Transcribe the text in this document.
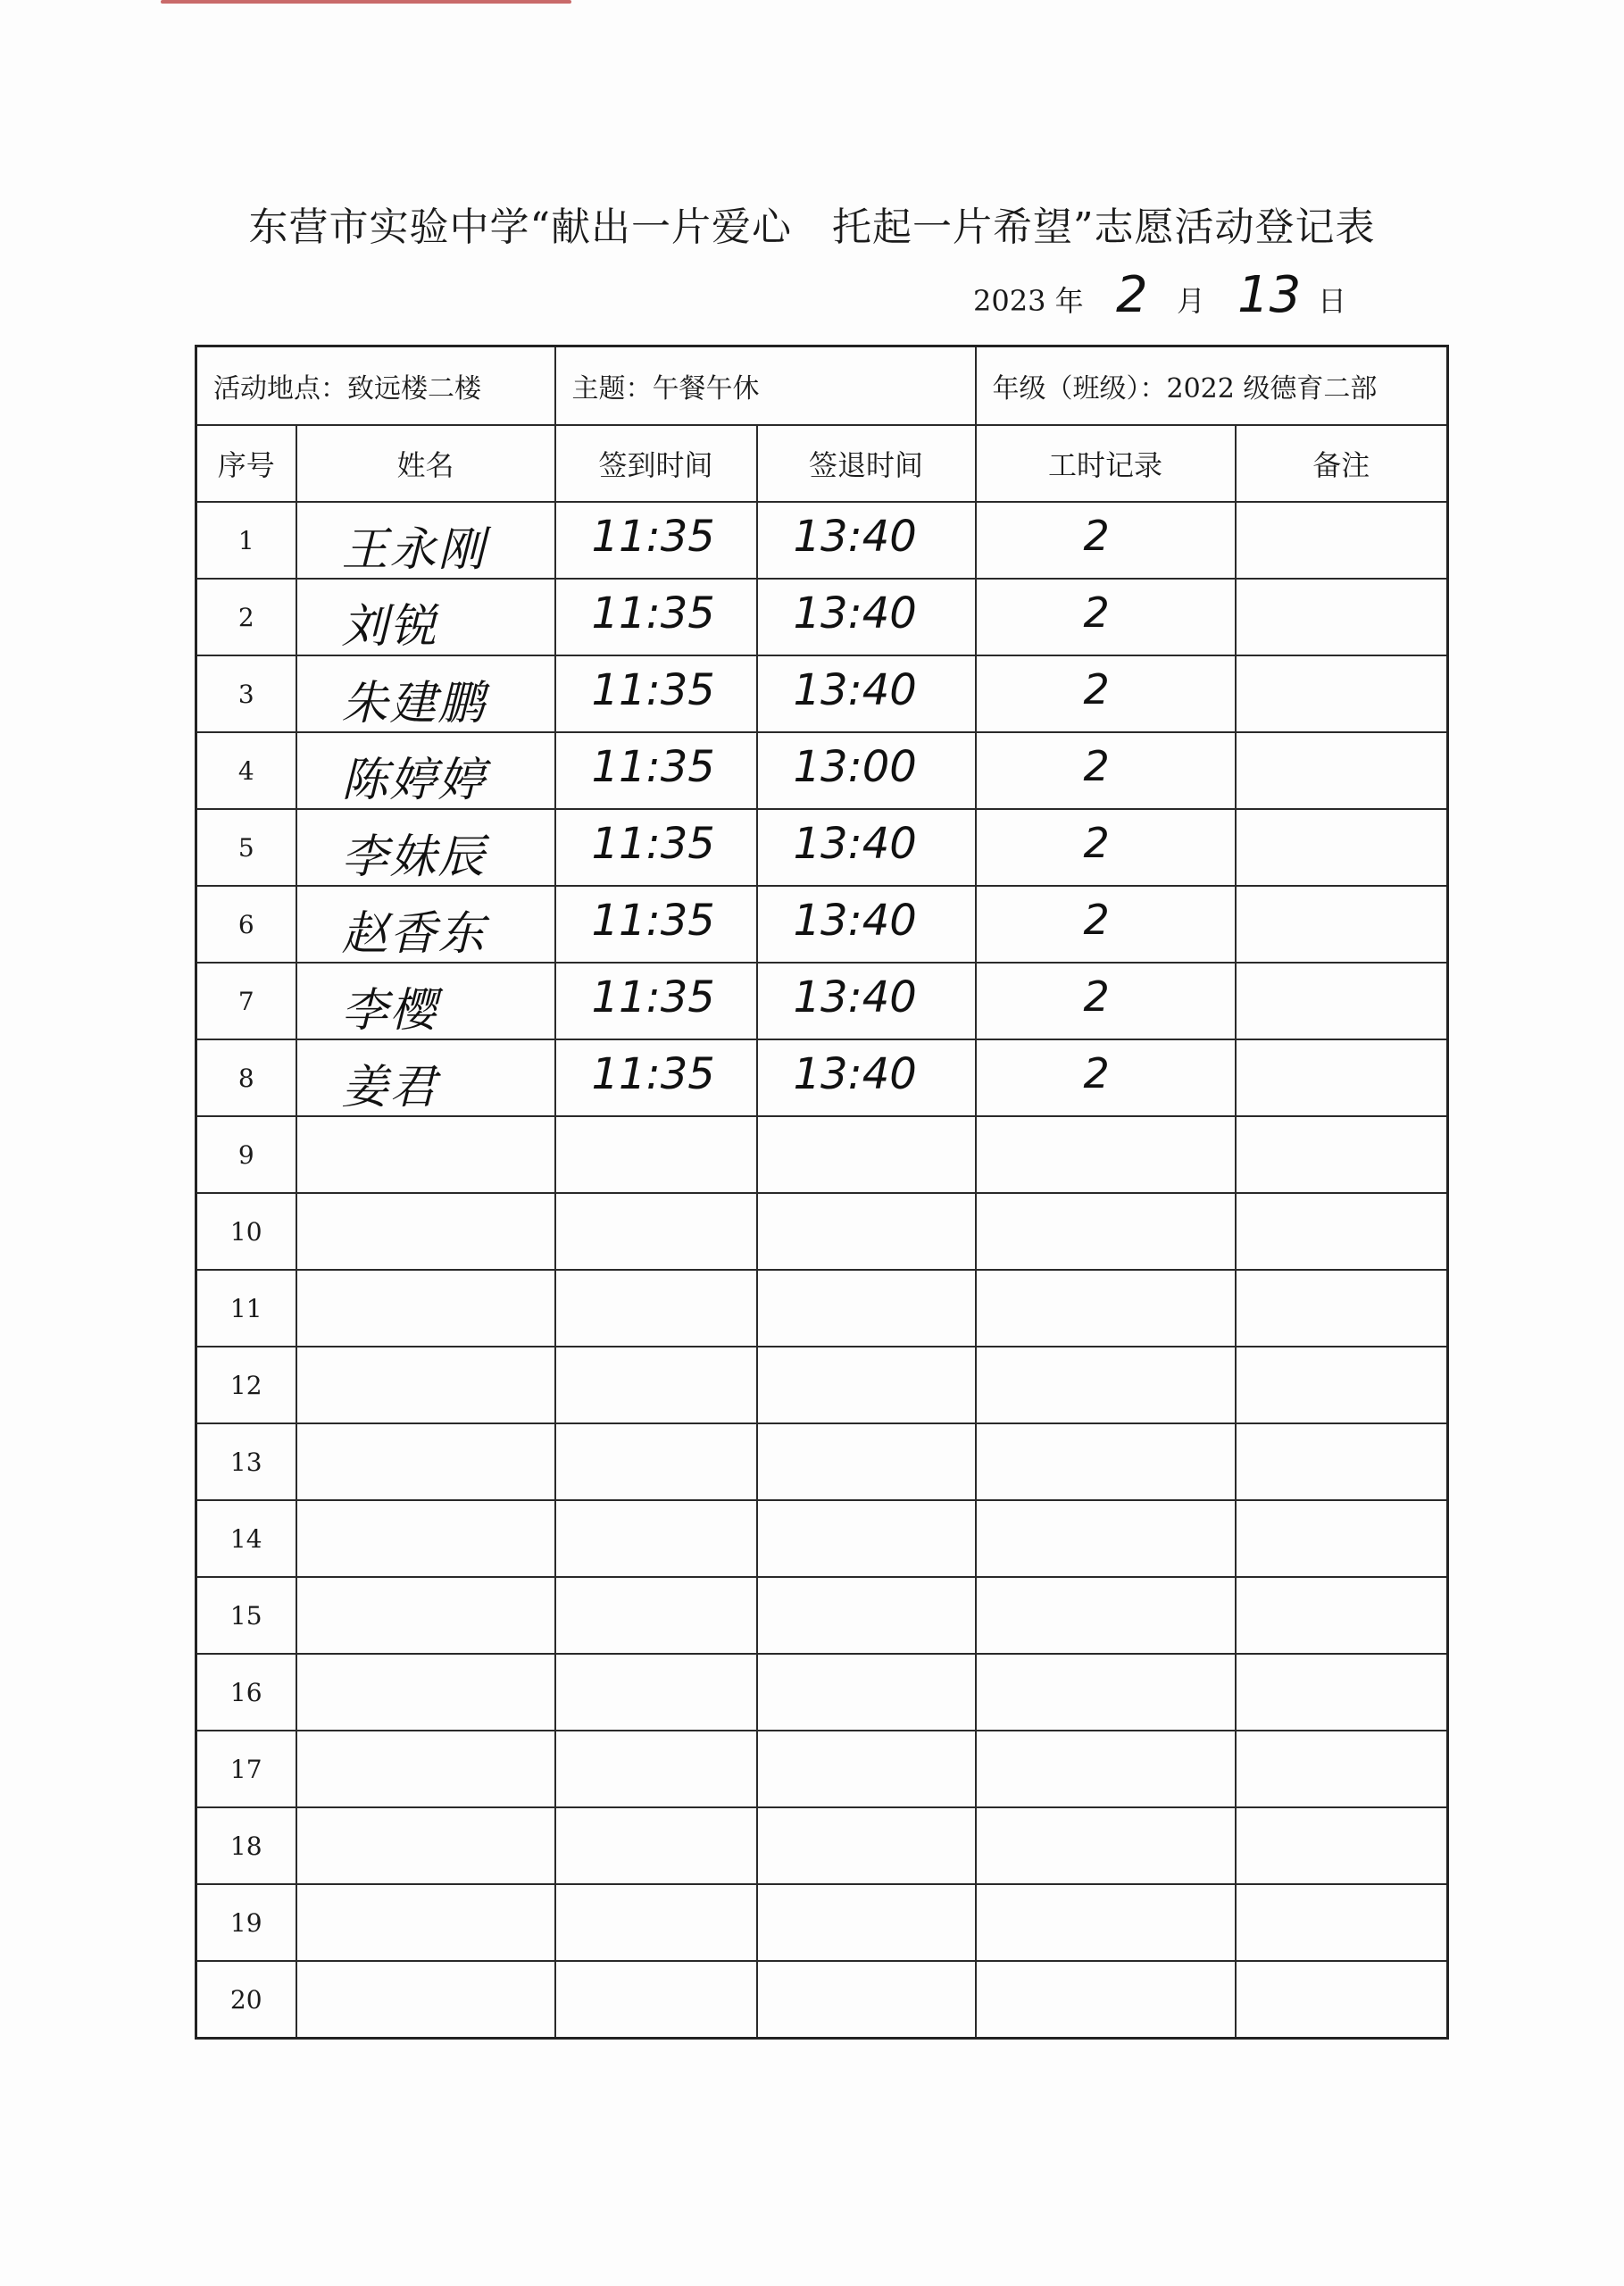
东营市实验中学“献出一片爱心　托起一片希望”志愿活动登记表

2023 年

2

月

13

日

活动地点：致远楼二楼		主题：午餐午休		年级（班级）：2022 级德育二部	
序号	姓名	签到时间	签退时间	工时记录	备注
1	王永刚	11:35	13:40	2	

2	刘锐	11:35	13:40	2	

3	朱建鹏	11:35	13:40	2	

4	陈婷婷	11:35	13:00	2	

5	李妹辰	11:35	13:40	2	

6	赵香东	11:35	13:40	2	

7	李樱	11:35	13:40	2	

8	姜君	11:35	13:40	2	

9	

10	

11	

12	

13	

14	

15	

16	

17	

18	

19	

20	
